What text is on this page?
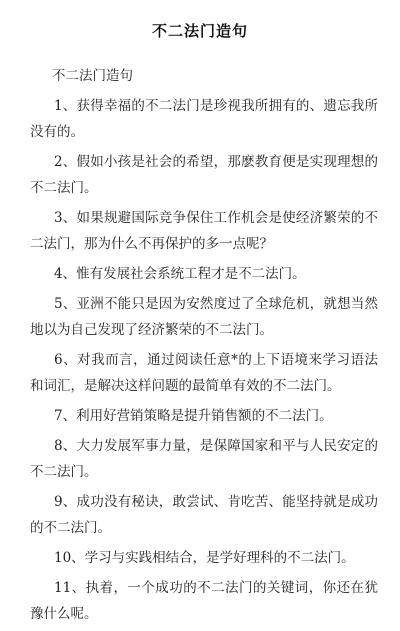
不二法门造句
不二法门造句

1、获得幸福的不二法门是珍视我所拥有的、遗忘我所没有的。

2、假如小孩是社会的希望，那麽教育便是实现理想的不二法门。

3、如果规避国际竞争保住工作机会是使经济繁荣的不二法门，那为什么不再保护的多一点呢？

4、惟有发展社会系统工程才是不二法门。

5、亚洲不能只是因为安然度过了全球危机，就想当然地以为自己发现了经济繁荣的不二法门。

6、对我而言，通过阅读任意*的上下语境来学习语法和词汇，是解决这样问题的最简单有效的不二法门。

7、利用好营销策略是提升销售额的不二法门。

8、大力发展军事力量，是保障国家和平与人民安定的不二法门。

9、成功没有秘诀，敢尝试、肯吃苦、能坚持就是成功的不二法门。

10、学习与实践相结合，是学好理科的不二法门。

11、执着，一个成功的不二法门的关键词，你还在犹豫什么呢。
